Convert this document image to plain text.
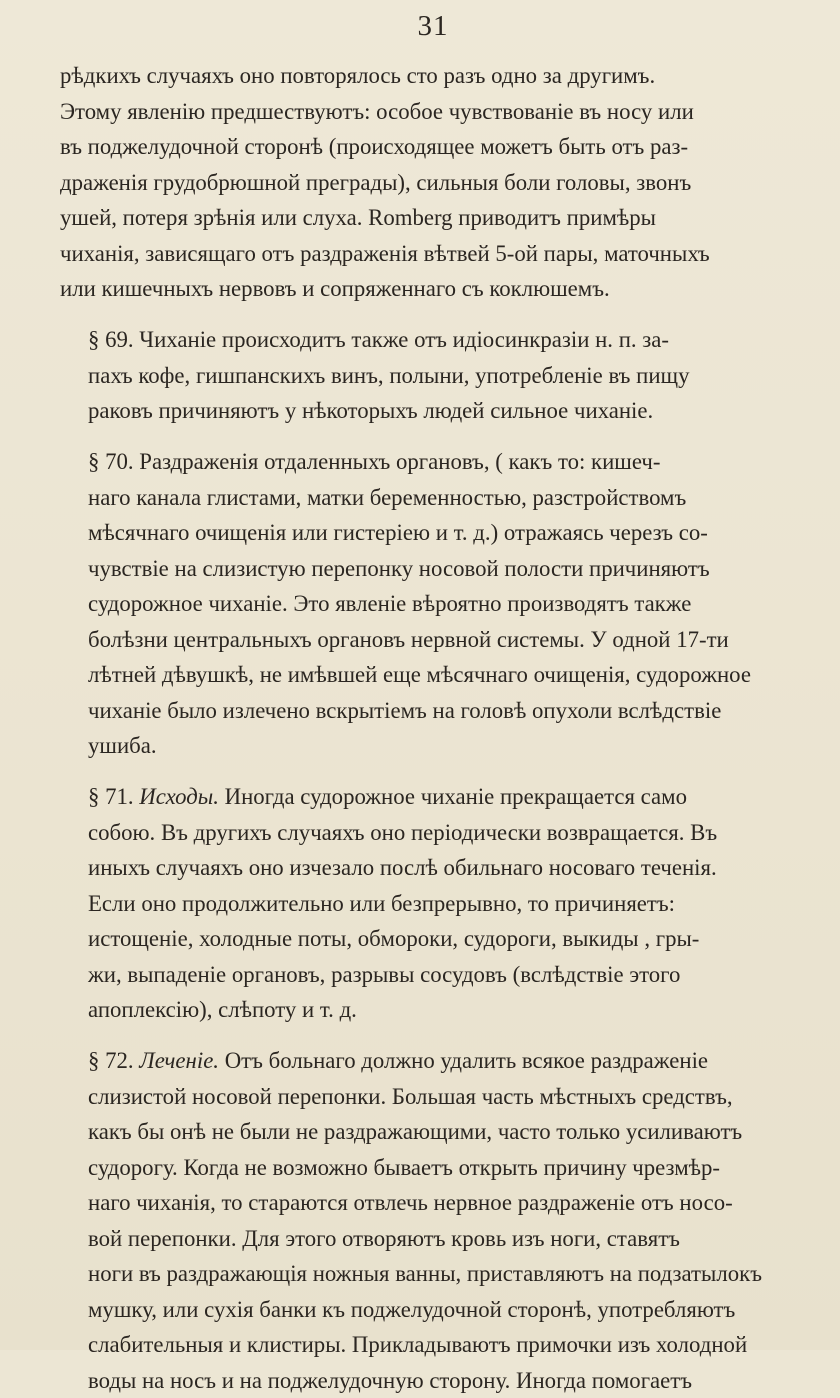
31
рѣдкихъ случаяхъ оно повторялось сто разъ одно за другимъ.
Этому явленію предшествуютъ: особое чувствованіе въ носу или
въ поджелудочной сторонѣ (происходящее можетъ быть отъ раз-
драженія грудобрюшной преграды), сильныя боли головы, звонъ
ушей, потеря зрѣнія или слуха. Romberg приводитъ примѣры
чиханія, зависящаго отъ раздраженія вѣтвей 5-ой пары, маточныхъ
или кишечныхъ нервовъ и сопряженнаго съ коклюшемъ.
§ 69. Чиханіе происходитъ также отъ идіосинкразіи н. п. за-
пахъ кофе, гишпанскихъ винъ, полыни, употребленіе въ пищу
раковъ причиняютъ у нѣкоторыхъ людей сильное чиханіе.
§ 70. Раздраженія отдаленныхъ органовъ, ( какъ то: кишеч-
наго канала глистами, матки беременностью, разстройствомъ
мѣсячнаго очищенія или гистеріею и т. д.) отражаясь черезъ со-
чувствіе на слизистую перепонку носовой полости причиняютъ
судорожное чиханіе. Это явленіе вѣроятно производятъ также
болѣзни центральныхъ органовъ нервной системы. У одной 17-ти
лѣтней дѣвушкѣ, не имѣвшей еще мѣсячнаго очищенія, судорожное
чиханіе было излечено вскрытіемъ на головѣ опухоли вслѣдствіе
ушиба.
§ 71. Исходы. Иногда судорожное чиханіе прекращается само
собою. Въ другихъ случаяхъ оно періодически возвращается. Въ
иныхъ случаяхъ оно изчезало послѣ обильнаго носоваго теченія.
Если оно продолжительно или безпрерывно, то причиняетъ:
истощеніе, холодные поты, обмороки, судороги, выкиды , гры-
жи, выпаденіе органовъ, разрывы сосудовъ (вслѣдствіе этого
апоплексію), слѣпоту и т. д.
§ 72. Леченіе. Отъ больнаго должно удалить всякое раздраженіе
слизистой носовой перепонки. Большая часть мѣстныхъ средствъ,
какъ бы онѣ не были не раздражающими, часто только усиливаютъ
судорогу. Когда не возможно бываетъ открыть причину чрезмѣр-
наго чиханія, то стараются отвлечь нервное раздраженіе отъ носо-
вой перепонки. Для этого отворяютъ кровь изъ ноги, ставятъ
ноги въ раздражающія ножныя ванны, приставляютъ на подзатылокъ
мушку, или сухія банки къ поджелудочной сторонѣ, употребляютъ
слабительныя и клистиры. Прикладываютъ примочки изъ холодной
воды на носъ и на поджелудочную сторону. Иногда помогаетъ
